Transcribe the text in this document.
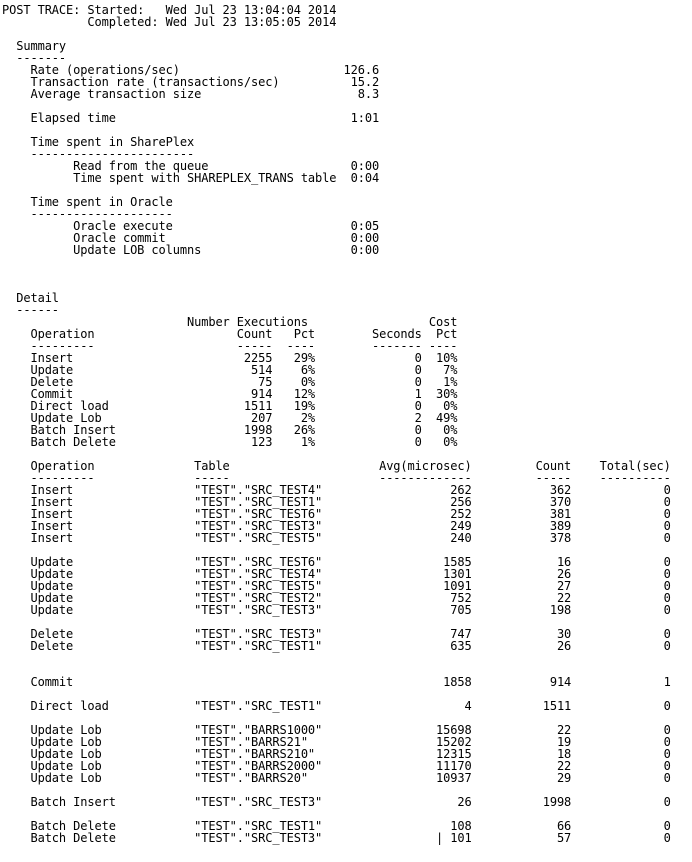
POST TRACE: Started:   Wed Jul 23 13:04:04 2014
Completed: Wed Jul 23 13:05:05 2014
Summary
-------
Rate (operations/sec)                       126.6
Transaction rate (transactions/sec)          15.2
Average transaction size                      8.3
Elapsed time                                 1:01
Time spent in SharePlex
-----------------------
Read from the queue                    0:00
Time spent with SHAREPLEX_TRANS table  0:04
Time spent in Oracle
--------------------
Oracle execute                         0:05
Oracle commit                          0:00
Update LOB columns                     0:00
Detail
------
Number Executions                 Cost
Operation                    Count   Pct        Seconds  Pct
---------                    -----  ----        ------- ----
Insert                        2255   29%              0  10%
Update                         514    6%              0   7%
Delete                          75    0%              0   1%
Commit                         914   12%              1  30%
Direct load                   1511   19%              0   0%
Update Lob                     207    2%              2  49%
Batch Insert                  1998   26%              0   0%
Batch Delete                   123    1%              0   0%
Operation              Table                     Avg(microsec)         Count    Total(sec)
---------              -----                     -------------         -----    ----------
Insert                 "TEST"."SRC_TEST4"                  262           362             0
Insert                 "TEST"."SRC_TEST1"                  256           370             0
Insert                 "TEST"."SRC_TEST6"                  252           381             0
Insert                 "TEST"."SRC_TEST3"                  249           389             0
Insert                 "TEST"."SRC_TEST5"                  240           378             0
Update                 "TEST"."SRC_TEST6"                 1585            16             0
Update                 "TEST"."SRC_TEST4"                 1301            26             0
Update                 "TEST"."SRC_TEST5"                 1091            27             0
Update                 "TEST"."SRC_TEST2"                  752            22             0
Update                 "TEST"."SRC_TEST3"                  705           198             0
Delete                 "TEST"."SRC_TEST3"                  747            30             0
Delete                 "TEST"."SRC_TEST1"                  635            26             0
Commit                                                    1858           914             1
Direct load            "TEST"."SRC_TEST1"                    4          1511             0
Update Lob             "TEST"."BARRS1000"                15698            22             0
Update Lob             "TEST"."BARRS21"                  15202            19             0
Update Lob             "TEST"."BARRS210"                 12315            18             0
Update Lob             "TEST"."BARRS2000"                11170            22             0
Update Lob             "TEST"."BARRS20"                  10937            29             0
Batch Insert           "TEST"."SRC_TEST3"                   26          1998             0
Batch Delete           "TEST"."SRC_TEST1"                  108            66             0
Batch Delete           "TEST"."SRC_TEST3"                | 101            57             0
